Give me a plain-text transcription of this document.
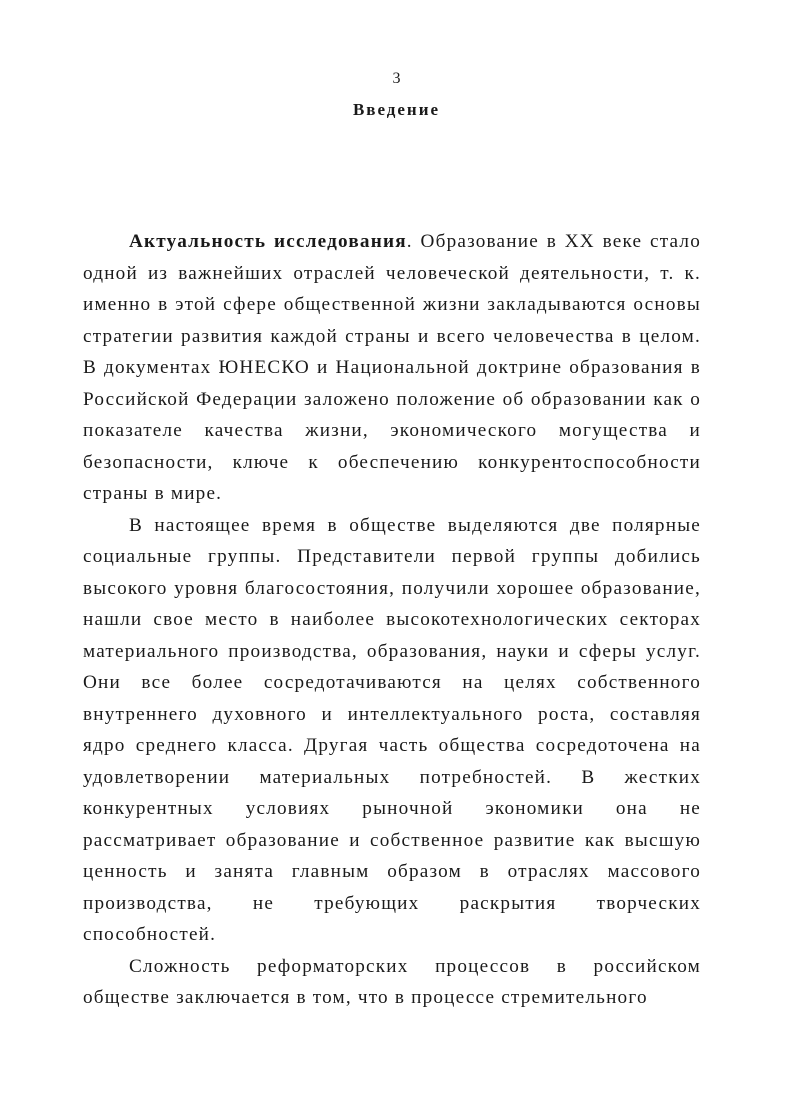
3
Введение

Актуальность исследования. Образование в XX веке стало одной из важнейших отраслей человеческой деятельности, т. к. именно в этой сфере общественной жизни закладываются основы стратегии развития каждой страны и всего человечества в целом. В документах ЮНЕСКО и Национальной доктрине образования в Российской Федерации заложено положение об образовании как о показателе качества жизни, экономического могущества и безопасности, ключе к обеспечению конкурентоспособности страны в мире.

В настоящее время в обществе выделяются две полярные социальные группы. Представители первой группы добились высокого уровня благосостояния, получили хорошее образование, нашли свое место в наиболее высокотехнологических секторах материального производства, образования, науки и сферы услуг. Они все более сосредотачиваются на целях собственного внутреннего духовного и интеллектуального роста, составляя ядро среднего класса. Другая часть общества сосредоточена на удовлетворении материальных потребностей. В жестких конкурентных условиях рыночной экономики она не рассматривает образование и собственное развитие как высшую ценность и занята главным образом в отраслях массового производства, не требующих раскрытия творческих способностей.

Сложность реформаторских процессов в российском обществе заключается в том, что в процессе стремительного
